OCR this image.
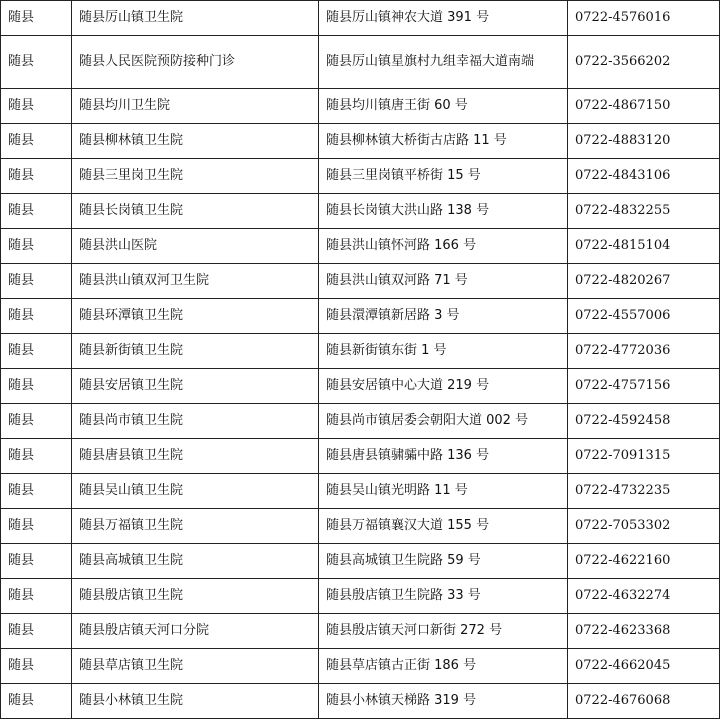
随县	随县厉山镇卫生院	随县厉山镇神农大道 391 号	0722-4576016
随县	随县人民医院预防接种门诊	随县厉山镇星旗村九组幸福大道南端	0722-3566202
随县	随县均川卫生院	随县均川镇唐王街 60 号	0722-4867150
随县	随县柳林镇卫生院	随县柳林镇大桥街古店路 11 号	0722-4883120
随县	随县三里岗卫生院	随县三里岗镇平桥街 15 号	0722-4843106
随县	随县长岗镇卫生院	随县长岗镇大洪山路 138 号	0722-4832255
随县	随县洪山医院	随县洪山镇怀河路 166 号	0722-4815104
随县	随县洪山镇双河卫生院	随县洪山镇双河路 71 号	0722-4820267
随县	随县环潭镇卫生院	随县澴潭镇新居路 3 号	0722-4557006
随县	随县新街镇卫生院	随县新街镇东街 1 号	0722-4772036
随县	随县安居镇卫生院	随县安居镇中心大道 219 号	0722-4757156
随县	随县尚市镇卫生院	随县尚市镇居委会朝阳大道 002 号	0722-4592458
随县	随县唐县镇卫生院	随县唐县镇骕骦中路 136 号	0722-7091315
随县	随县吴山镇卫生院	随县吴山镇光明路 11 号	0722-4732235
随县	随县万福镇卫生院	随县万福镇襄汉大道 155 号	0722-7053302
随县	随县高城镇卫生院	随县高城镇卫生院路 59 号	0722-4622160
随县	随县殷店镇卫生院	随县殷店镇卫生院路 33 号	0722-4632274
随县	随县殷店镇天河口分院	随县殷店镇天河口新街 272 号	0722-4623368
随县	随县草店镇卫生院	随县草店镇古正街 186 号	0722-4662045
随县	随县小林镇卫生院	随县小林镇天梯路 319 号	0722-4676068
